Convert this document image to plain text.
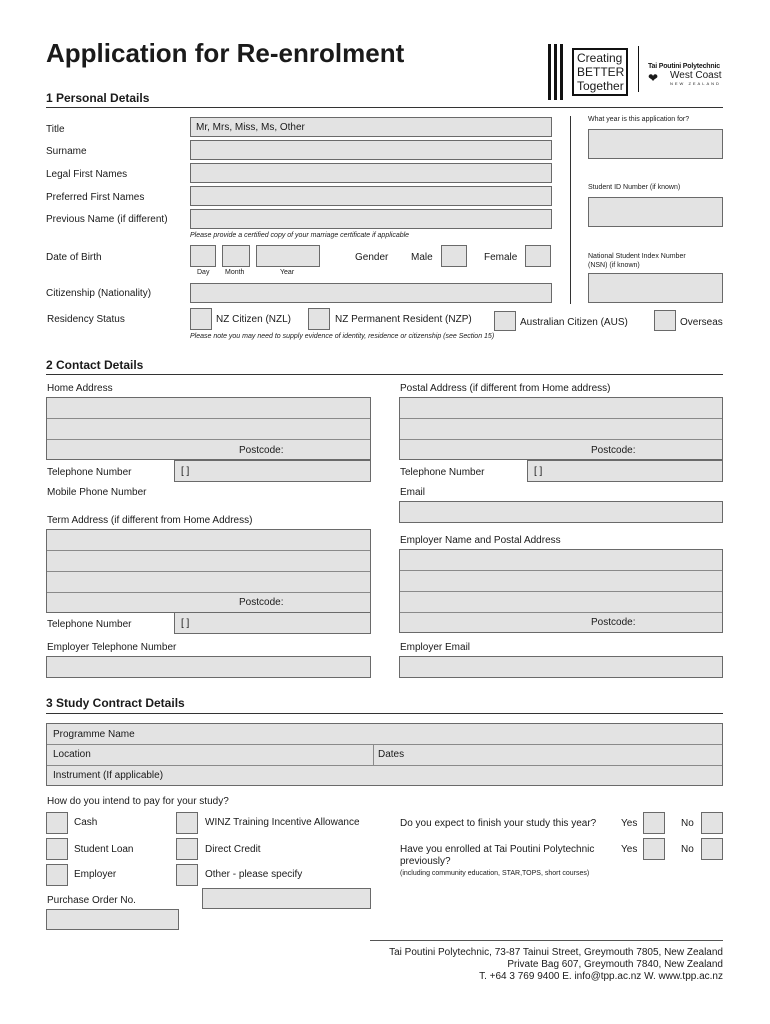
Application for Re-enrolment	Creating
BETTER
Together
Tai Poutini Polytechnic
❤ West Coast
NEW ZEALAND
1 Personal Details
Title	Mr, Mrs, Miss, Ms, Other
Surname
Legal First Names
Preferred First Names
Previous Name (if different)
Please provide a certified copy of your marriage certificate if applicable
Date of Birth
Day Month	Year
Gender Male	Female
Citizenship (Nationality)
Residency Status	NZ Citizen (NZL)	NZ Permanent Resident (NZP)	Australian Citizen (AUS)	Overseas
Please note you may need to supply evidence of identity, residence or citizenship (see Section 15)
What year is this application for?
Student ID Number (if known)
National Student Index Number
(NSN) (if known)
2 Contact Details
Home Address
Postcode:
Postal Address (if different from Home address)
Postcode:
Telephone Number	[ ]
Mobile Phone Number
Telephone Number	[ ]
Email
Term Address (if different from Home Address)
Postcode:
Telephone Number	[ ]
Employer Name and Postal Address
Postcode:
Employer Telephone Number	Employer Email
3 Study Contract Details
Programme Name
Location	Dates
Instrument (If applicable)
How do you intend to pay for your study?
Cash	WINZ Training Incentive Allowance
Student Loan	Direct Credit
Employer	Other - please specify
Do you expect to finish your study this year? Yes	No
Have you enrolled at Tai Poutini Polytechnic
previously?
Yes	No
(including community education, STAR,TOPS, short courses)
Purchase Order No.
Tai Poutini Polytechnic, 73-87 Tainui Street, Greymouth 7805, New Zealand
Private Bag 607, Greymouth 7840, New Zealand
T. +64 3 769 9400 E. info@tpp.ac.nz W. www.tpp.ac.nz
